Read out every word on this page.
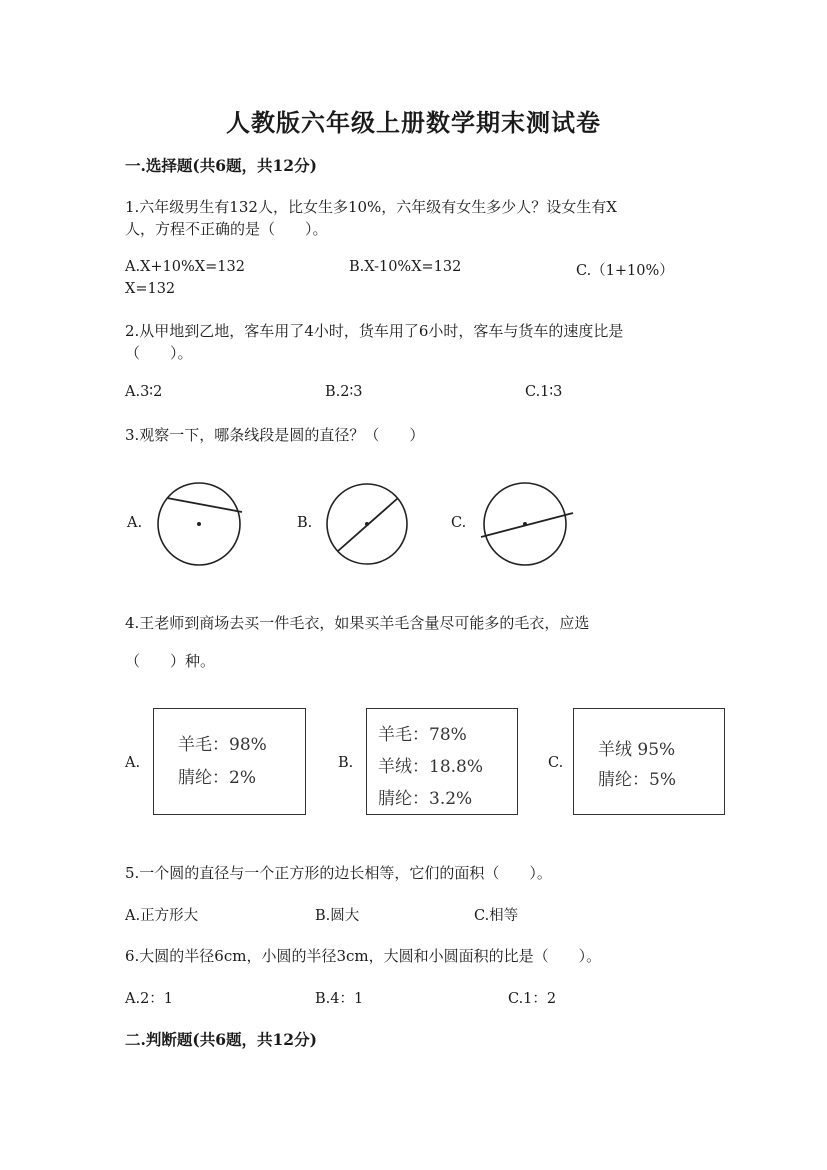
人教版六年级上册数学期末测试卷
一.选择题(共6题，共12分)
1.六年级男生有132人，比女生多10%，六年级有女生多少人？设女生有X
人，方程不正确的是（　　）。
A.X+10%X=132	B.X-10%X=132	C.（1+10%）
X=132
2.从甲地到乙地，客车用了4小时，货车用了6小时，客车与货车的速度比是
（　　）。
A.3∶2	B.2∶3	C.1∶3
3.观察一下，哪条线段是圆的直径？（　　）
A.	B.	C.
4.王老师到商场去买一件毛衣，如果买羊毛含量尽可能多的毛衣，应选
（　　）种。
A.	B.	C.
羊毛：98%
腈纶：2%
羊毛：78%
羊绒：18.8%
腈纶：3.2%
羊绒 95%
腈纶：5%
5.一个圆的直径与一个正方形的边长相等，它们的面积（　　）。
A.正方形大	B.圆大	C.相等
6.大圆的半径6cm，小圆的半径3cm，大圆和小圆面积的比是（　　）。
A.2：1	B.4：1	C.1：2
二.判断题(共6题，共12分)
